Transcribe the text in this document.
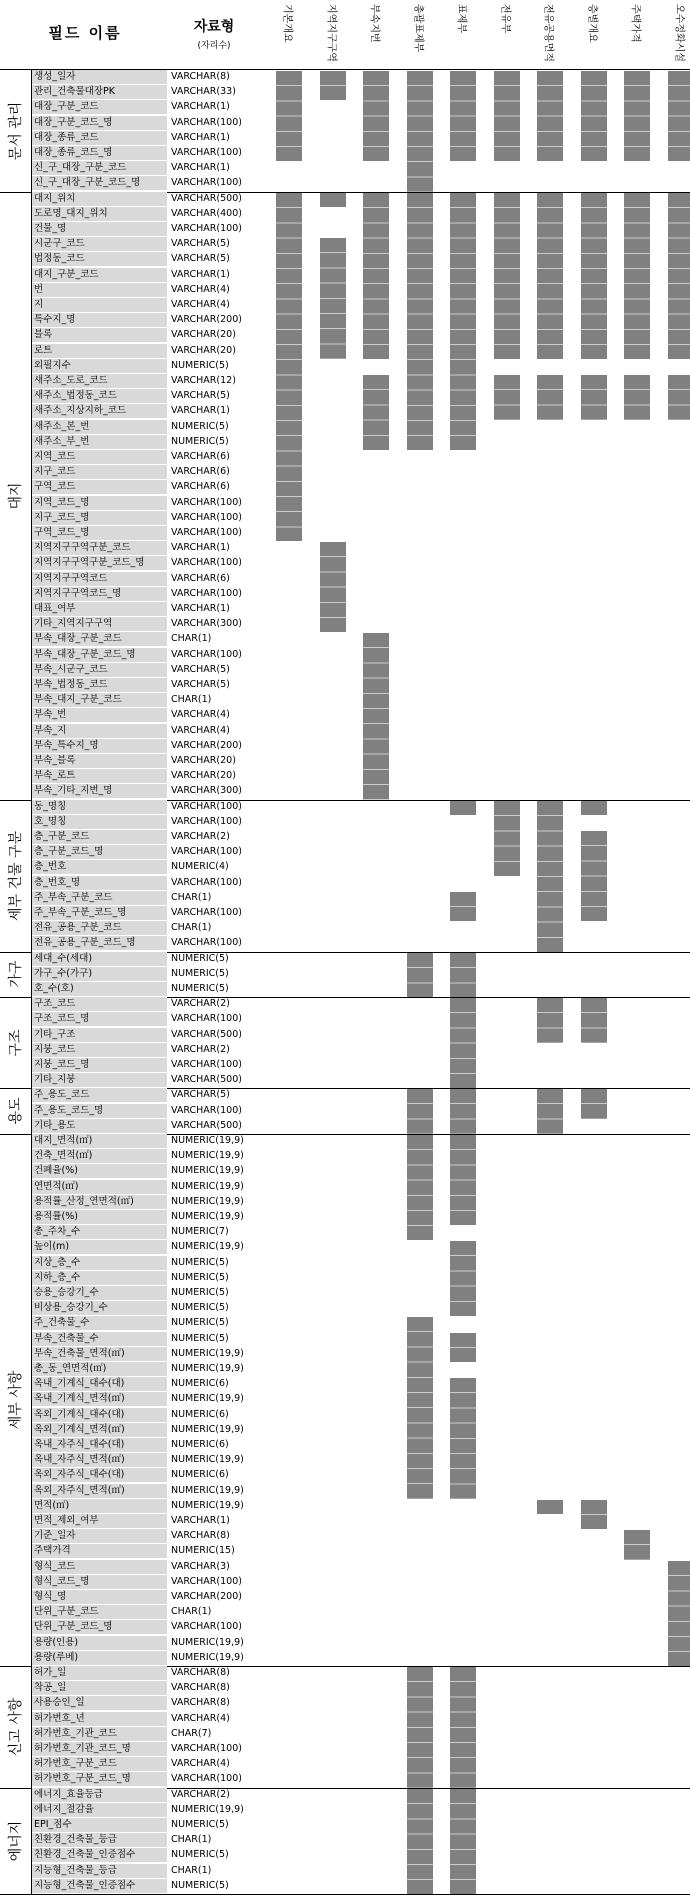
필드 이름	자료형
(자리수)
기본개요	지역지구구역	부속지번	총괄표제부	표제부	전유부	전유공용면적	층별개요	주택가격	오수정화시설
생성_일자	VARCHAR(8)
관리_건축물대장PK	VARCHAR(33)
대장_구분_코드	VARCHAR(1)
대장_구분_코드_명	VARCHAR(100)
대장_종류_코드	VARCHAR(1)
대장_종류_코드_명	VARCHAR(100)
신_구_대장_구분_코드	VARCHAR(1)
신_구_대장_구분_코드_명	VARCHAR(100)
문서 관리
대지_위치	VARCHAR(500)
도로명_대지_위치	VARCHAR(400)
건물_명	VARCHAR(100)
시군구_코드	VARCHAR(5)
법정동_코드	VARCHAR(5)
대지_구분_코드	VARCHAR(1)
번	VARCHAR(4)
지	VARCHAR(4)
특수지_명	VARCHAR(200)
블록	VARCHAR(20)
로트	VARCHAR(20)
외필지수	NUMERIC(5)
새주소_도로_코드	VARCHAR(12)
새주소_법정동_코드	VARCHAR(5)
새주소_지상지하_코드	VARCHAR(1)
새주소_본_번	NUMERIC(5)
새주소_부_번	NUMERIC(5)
지역_코드	VARCHAR(6)
지구_코드	VARCHAR(6)
구역_코드	VARCHAR(6)
지역_코드_명	VARCHAR(100)
지구_코드_명	VARCHAR(100)
구역_코드_명	VARCHAR(100)
지역지구구역구분_코드	VARCHAR(1)
지역지구구역구분_코드_명	VARCHAR(100)
지역지구구역코드	VARCHAR(6)
지역지구구역코드_명	VARCHAR(100)
대표_여부	VARCHAR(1)
기타_지역지구구역	VARCHAR(300)
부속_대장_구분_코드	CHAR(1)
부속_대장_구분_코드_명	VARCHAR(100)
부속_시군구_코드	VARCHAR(5)
부속_법정동_코드	VARCHAR(5)
부속_대지_구분_코드	CHAR(1)
부속_번	VARCHAR(4)
부속_지	VARCHAR(4)
부속_특수지_명	VARCHAR(200)
부속_블록	VARCHAR(20)
부속_로트	VARCHAR(20)
부속_기타_지번_명	VARCHAR(300)
대지
동_명칭	VARCHAR(100)
호_명칭	VARCHAR(100)
층_구분_코드	VARCHAR(2)
층_구분_코드_명	VARCHAR(100)
층_번호	NUMERIC(4)
층_번호_명	VARCHAR(100)
주_부속_구분_코드	CHAR(1)
주_부속_구분_코드_명	VARCHAR(100)
전유_공용_구분_코드	CHAR(1)
전유_공용_구분_코드_명	VARCHAR(100)
세부 건물 구분
세대_수(세대)	NUMERIC(5)
가구_수(가구)	NUMERIC(5)
호_수(호)	NUMERIC(5)
가구
구조_코드	VARCHAR(2)
구조_코드_명	VARCHAR(100)
기타_구조	VARCHAR(500)
지붕_코드	VARCHAR(2)
지붕_코드_명	VARCHAR(100)
기타_지붕	VARCHAR(500)
구조
주_용도_코드	VARCHAR(5)
주_용도_코드_명	VARCHAR(100)
기타_용도	VARCHAR(500)
용도
대지_면적(㎡)	NUMERIC(19,9)
건축_면적(㎡)	NUMERIC(19,9)
건폐율(%)	NUMERIC(19,9)
연면적(㎡)	NUMERIC(19,9)
용적률_산정_연면적(㎡)	NUMERIC(19,9)
용적률(%)	NUMERIC(19,9)
총_주차_수	NUMERIC(7)
높이(m)	NUMERIC(19,9)
지상_층_수	NUMERIC(5)
지하_층_수	NUMERIC(5)
승용_승강기_수	NUMERIC(5)
비상용_승강기_수	NUMERIC(5)
주_건축물_수	NUMERIC(5)
부속_건축물_수	NUMERIC(5)
부속_건축물_면적(㎡)	NUMERIC(19,9)
총_동_연면적(㎡)	NUMERIC(19,9)
옥내_기계식_대수(대)	NUMERIC(6)
옥내_기계식_면적(㎡)	NUMERIC(19,9)
옥외_기계식_대수(대)	NUMERIC(6)
옥외_기계식_면적(㎡)	NUMERIC(19,9)
옥내_자주식_대수(대)	NUMERIC(6)
옥내_자주식_면적(㎡)	NUMERIC(19,9)
옥외_자주식_대수(대)	NUMERIC(6)
옥외_자주식_면적(㎡)	NUMERIC(19,9)
면적(㎡)	NUMERIC(19,9)
면적_제외_여부	VARCHAR(1)
기준_일자	VARCHAR(8)
주택가격	NUMERIC(15)
형식_코드	VARCHAR(3)
형식_코드_명	VARCHAR(100)
형식_명	VARCHAR(200)
단위_구분_코드	CHAR(1)
단위_구분_코드_명	VARCHAR(100)
용량(인용)	NUMERIC(19,9)
용량(루베)	NUMERIC(19,9)
세부 사항
허가_일	VARCHAR(8)
착공_일	VARCHAR(8)
사용승인_일	VARCHAR(8)
허가번호_년	VARCHAR(4)
허가번호_기관_코드	CHAR(7)
허가번호_기관_코드_명	VARCHAR(100)
허가번호_구분_코드	VARCHAR(4)
허가번호_구분_코드_명	VARCHAR(100)
신고 사항
에너지_효율등급	VARCHAR(2)
에너지_절감율	NUMERIC(19,9)
EPI_점수	NUMERIC(5)
친환경_건축물_등급	CHAR(1)
친환경_건축물_인증점수	NUMERIC(5)
지능형_건축물_등급	CHAR(1)
지능형_건축물_인증점수	NUMERIC(5)
에너지
